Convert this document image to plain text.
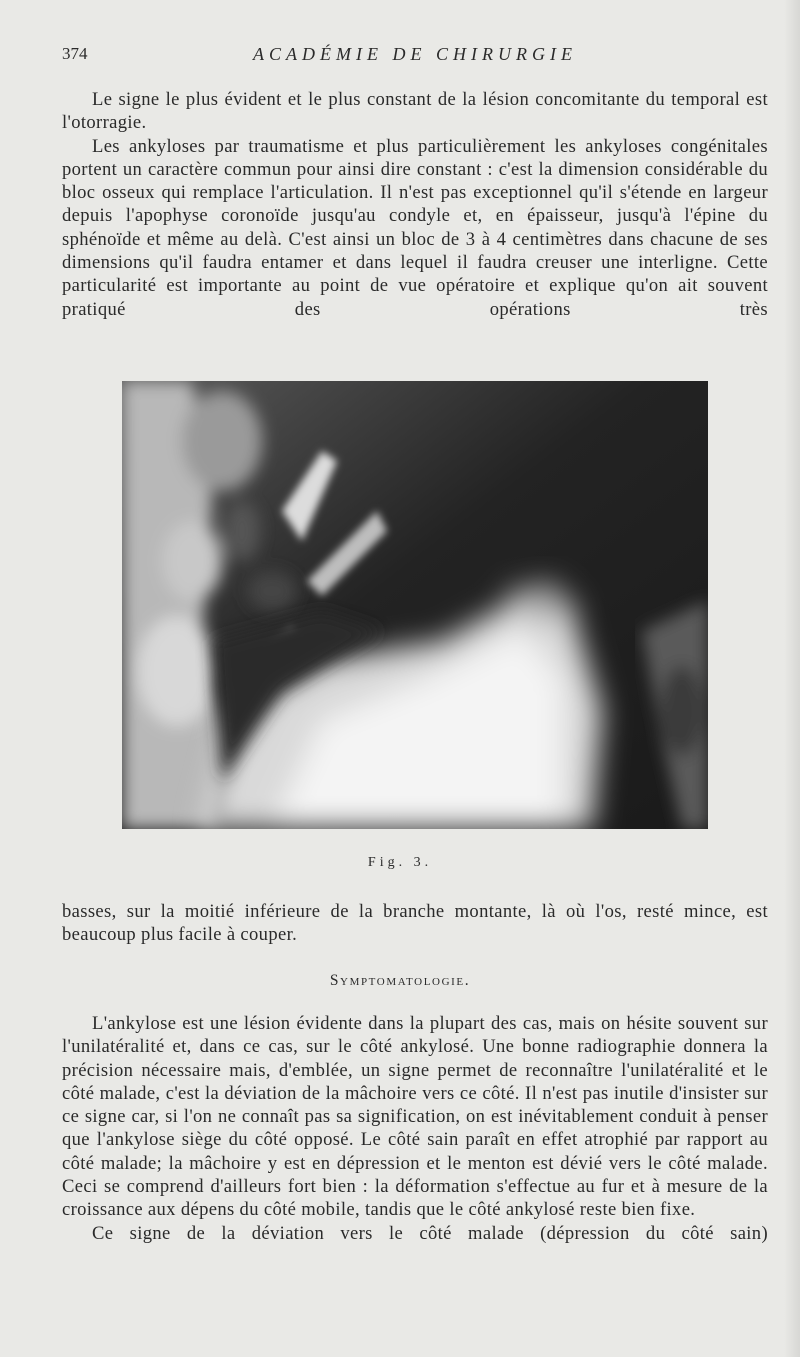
374	ACADÉMIE DE CHIRURGIE

Le signe le plus évident et le plus constant de la lésion concomitante du temporal est l'otorragie.

Les ankyloses par traumatisme et plus particulièrement les ankyloses congénitales portent un caractère commun pour ainsi dire constant : c'est la dimension considérable du bloc osseux qui remplace l'articulation. Il n'est pas exceptionnel qu'il s'étende en largeur depuis l'apophyse coronoïde jusqu'au condyle et, en épaisseur, jusqu'à l'épine du sphénoïde et même au delà. C'est ainsi un bloc de 3 à 4 centimètres dans chacune de ses dimensions qu'il faudra entamer et dans lequel il faudra creuser une interligne. Cette particularité est importante au point de vue opératoire et explique qu'on ait souvent pratiqué des opérations très

Fig. 3.

basses, sur la moitié inférieure de la branche montante, là où l'os, resté mince, est beaucoup plus facile à couper.

Symptomatologie.

L'ankylose est une lésion évidente dans la plupart des cas, mais on hésite souvent sur l'unilatéralité et, dans ce cas, sur le côté ankylosé. Une bonne radiographie donnera la précision nécessaire mais, d'emblée, un signe permet de reconnaître l'unilatéralité et le côté malade, c'est la déviation de la mâchoire vers ce côté. Il n'est pas inutile d'insister sur ce signe car, si l'on ne connaît pas sa signification, on est inévitablement conduit à penser que l'ankylose siège du côté opposé. Le côté sain paraît en effet atrophié par rapport au côté malade; la mâchoire y est en dépression et le menton est dévié vers le côté malade. Ceci se comprend d'ailleurs fort bien : la déformation s'effectue au fur et à mesure de la croissance aux dépens du côté mobile, tandis que le côté ankylosé reste bien fixe.

Ce signe de la déviation vers le côté malade (dépression du côté sain)
